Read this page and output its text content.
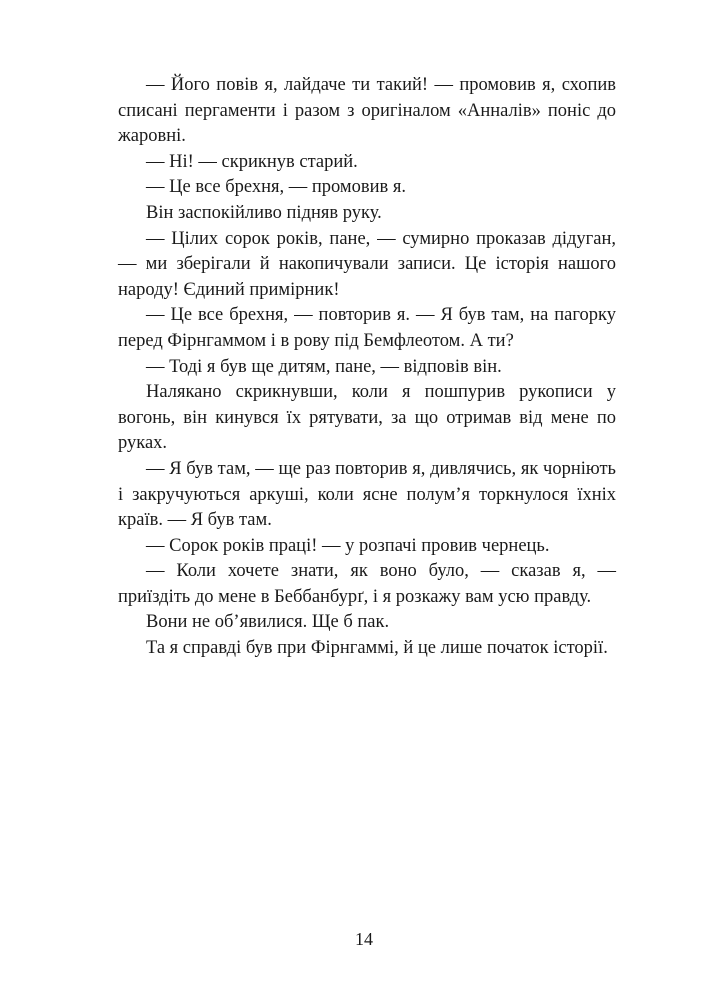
— Його повів я, лайдаче ти такий! — промовив я, схопив списані пергаменти і разом з оригіналом «Анналів» поніс до жаровні.

— Ні! — скрикнув старий.

— Це все брехня, — промовив я.

Він заспокійливо підняв руку.

— Цілих сорок років, пане, — сумирно проказав дідуган, — ми зберігали й накопичували записи. Це історія нашого народу! Єдиний примірник!

— Це все брехня, — повторив я. — Я був там, на пагорку перед Фірнгаммом і в рову під Бемфлеотом. А ти?

— Тоді я був ще дитям, пане, — відповів він.

Налякано скрикнувши, коли я пошпурив рукописи у вогонь, він кинувся їх рятувати, за що отримав від мене по руках.

— Я був там, — ще раз повторив я, дивлячись, як чорніють і закручуються аркуші, коли ясне полум’я торкнулося їхніх країв. — Я був там.

— Сорок років праці! — у розпачі провив чернець.

— Коли хочете знати, як воно було, — сказав я, — приїздіть до мене в Беббанбурґ, і я розкажу вам усю правду.

Вони не об’явилися. Ще б пак.

Та я справді був при Фірнгаммі, й це лише початок історії.

14
